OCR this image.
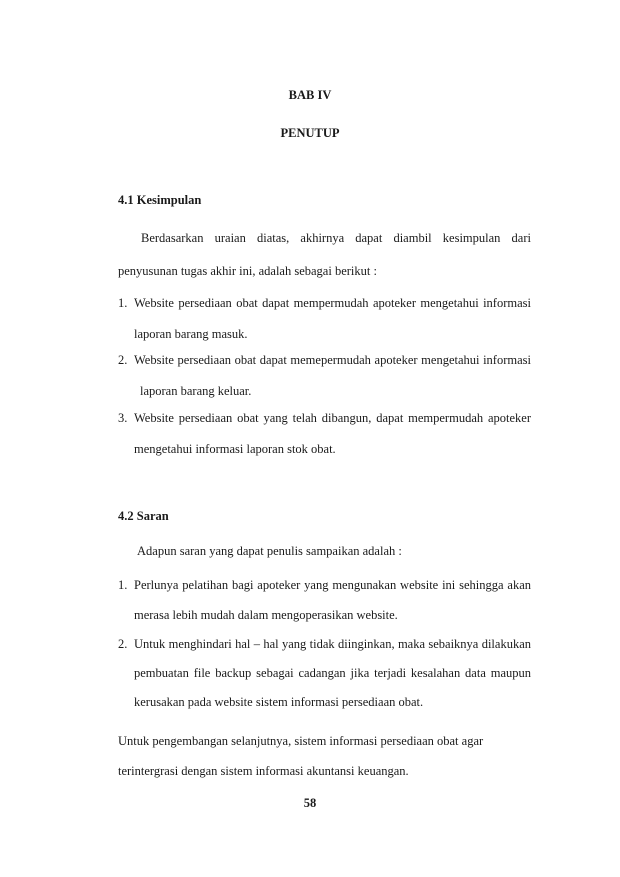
BAB IV
PENUTUP
4.1 Kesimpulan
Berdasarkan uraian diatas, akhirnya dapat diambil kesimpulan dari
penyusunan tugas akhir ini, adalah sebagai berikut :
1. Website persediaan obat dapat mempermudah apoteker mengetahui informasi
laporan barang masuk.
2. Website persediaan obat dapat memepermudah apoteker mengetahui informasi
laporan barang keluar.
3. Website persediaan obat yang telah dibangun, dapat mempermudah apoteker
mengetahui informasi laporan stok obat.
4.2 Saran
Adapun saran yang dapat penulis sampaikan adalah :
1. Perlunya pelatihan bagi apoteker yang mengunakan website ini sehingga akan
merasa lebih mudah dalam mengoperasikan website.
2. Untuk menghindari hal – hal yang tidak diinginkan, maka sebaiknya dilakukan
pembuatan file backup sebagai cadangan jika terjadi kesalahan data maupun
kerusakan pada website sistem informasi persediaan obat.
Untuk pengembangan selanjutnya, sistem informasi persediaan obat agar
terintergrasi dengan sistem informasi akuntansi keuangan.
58
